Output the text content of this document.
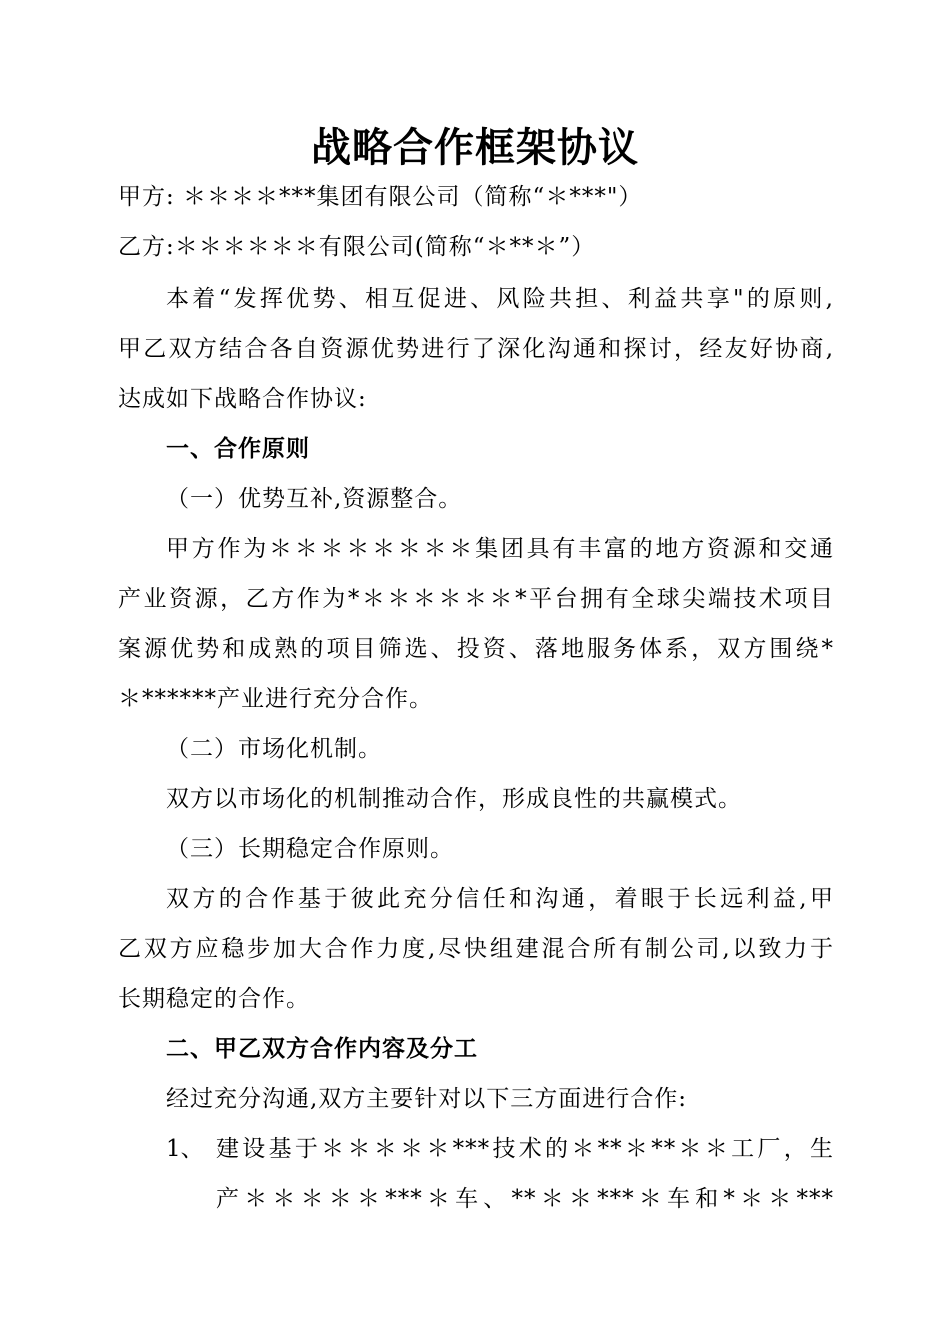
战略合作框架协议
甲方: ＊＊＊＊***集团有限公司（简称“＊***"）
乙方:＊＊＊＊＊＊有限公司(简称“＊**＊”）
本着“发挥优势、相互促进、风险共担、利益共享"的原则,
甲乙双方结合各自资源优势进行了深化沟通和探讨，经友好协商,
达成如下战略合作协议:
一、合作原则
（一）优势互补,资源整合。
甲方作为＊＊＊＊＊＊＊＊集团具有丰富的地方资源和交通
产业资源，乙方作为*＊＊＊＊＊＊*平台拥有全球尖端技术项目
案源优势和成熟的项目筛选、投资、落地服务体系，双方围绕*
＊******产业进行充分合作。
（二）市场化机制。
双方以市场化的机制推动合作，形成良性的共赢模式。
（三）长期稳定合作原则。
双方的合作基于彼此充分信任和沟通，着眼于长远利益,甲
乙双方应稳步加大合作力度,尽快组建混合所有制公司,以致力于
长期稳定的合作。
二、甲乙双方合作内容及分工
经过充分沟通,双方主要针对以下三方面进行合作:
1、 建设基于＊＊＊＊＊***技术的＊**＊**＊＊工厂，生
产＊＊＊＊＊***＊车、**＊＊***＊车和*＊＊***
